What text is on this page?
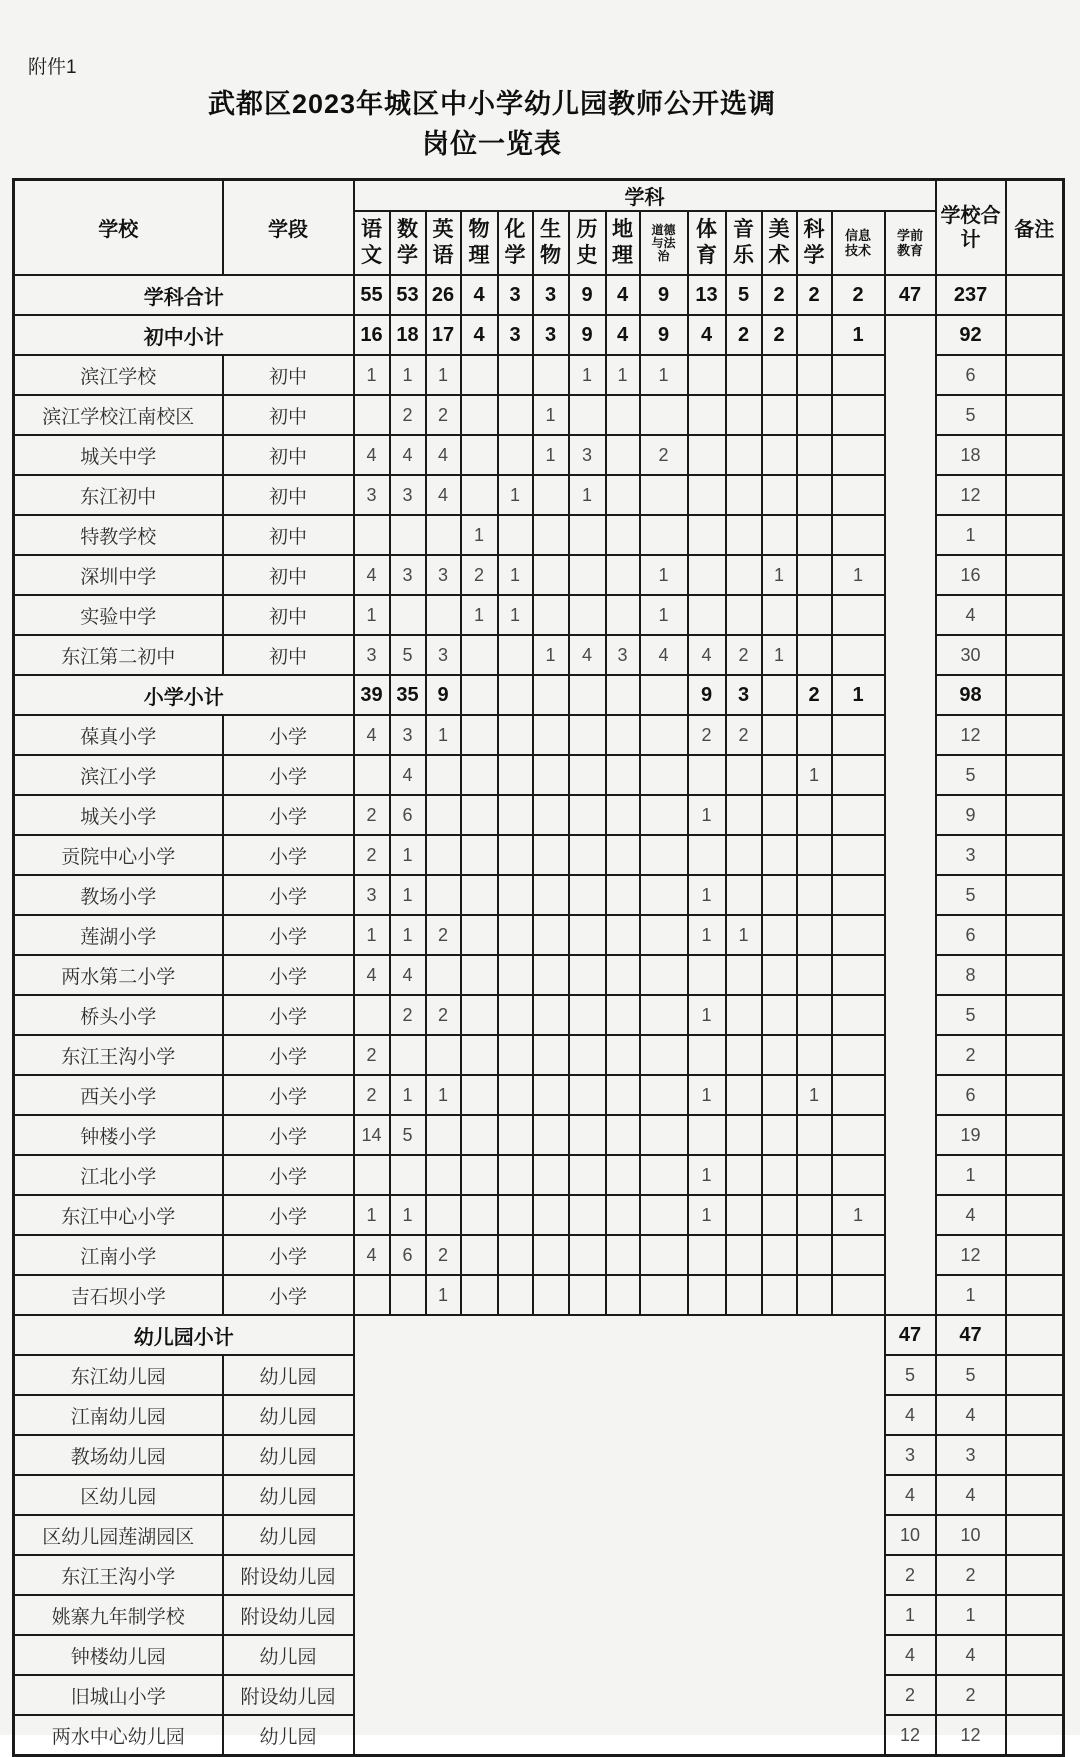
附件1
武都区2023年城区中小学幼儿园教师公开选调
岗位一览表
学校	学段	学科															学校合计	备注
		语文	数学	英语	物理	化学	生物	历史	地理	道德与法治	体育	音乐	美术	科学	信息技术	学前教育		
学科合计		55	53	26	4	3	3	9	4	9	13	5	2	2	2	47	237	
初中小计		16	18	17	4	3	3	9	4	9	4	2	2		1		92	
滨江学校	初中	1	1	1				1	1	1							6	
滨江学校江南校区	初中		2	2			1										5	
城关中学	初中	4	4	4			1	3		2							18	
东江初中	初中	3	3	4		1		1									12	
特教学校	初中				1												1	
深圳中学	初中	4	3	3	2	1				1			1		1		16	
实验中学	初中	1			1	1				1							4	
东江第二初中	初中	3	5	3			1	4	3	4	4	2	1				30	
小学小计		39	35	9							9	3		2	1		98	
葆真小学	小学	4	3	1							2	2					12	
滨江小学	小学		4											1			5	
城关小学	小学	2	6								1						9	
贡院中心小学	小学	2	1														3	
教场小学	小学	3	1								1						5	
莲湖小学	小学	1	1	2							1	1					6	
两水第二小学	小学	4	4														8	
桥头小学	小学		2	2							1						5	
东江王沟小学	小学	2															2	
西关小学	小学	2	1	1							1			1			6	
钟楼小学	小学	14	5														19	
江北小学	小学										1						1	
东江中心小学	小学	1	1								1				1		4	
江南小学	小学	4	6	2													12	
吉石坝小学	小学			1													1	
幼儿园小计																47	47	
东江幼儿园	幼儿园															5	5	
江南幼儿园	幼儿园															4	4	
教场幼儿园	幼儿园															3	3	
区幼儿园	幼儿园															4	4	
区幼儿园莲湖园区	幼儿园															10	10	
东江王沟小学	附设幼儿园															2	2	
姚寨九年制学校	附设幼儿园															1	1	
钟楼幼儿园	幼儿园															4	4	
旧城山小学	附设幼儿园															2	2	
两水中心幼儿园	幼儿园															12	12	
